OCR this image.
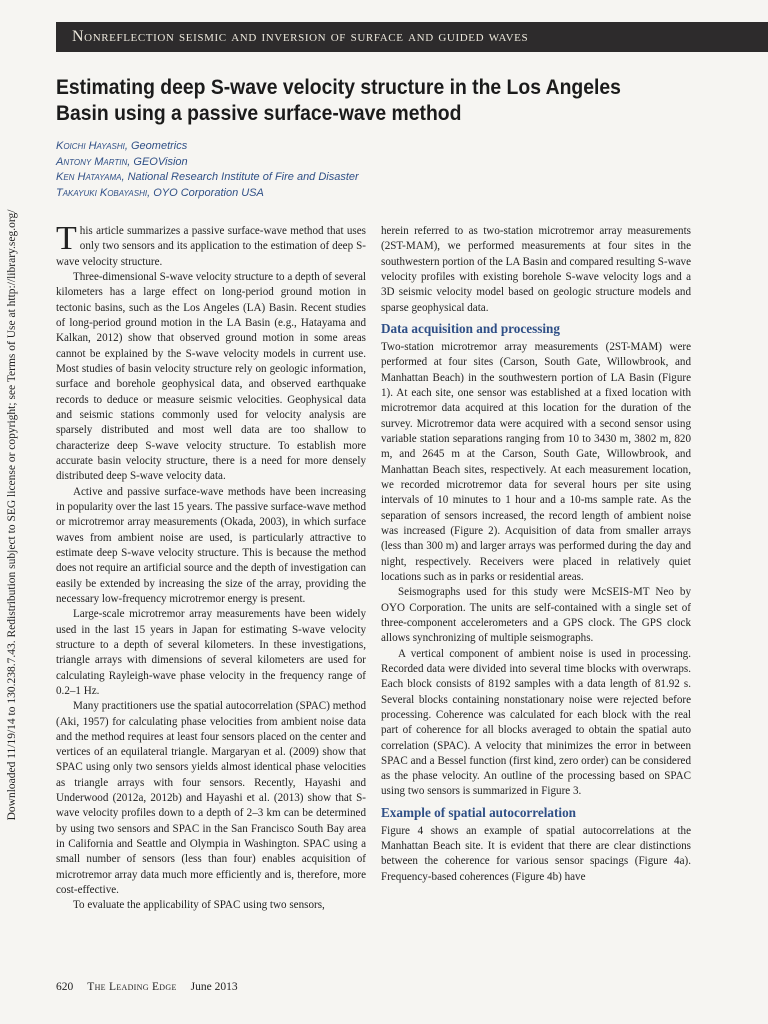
Nonreflection seismic and inversion of surface and guided waves
Estimating deep S-wave velocity structure in the Los Angeles Basin using a passive surface-wave method
Koichi Hayashi, Geometrics
Antony Martin, GEOVision
Ken Hatayama, National Research Institute of Fire and Disaster
Takayuki Kobayashi, OYO Corporation USA

This article summarizes a passive surface-wave method that uses only two sensors and its application to the estimation of deep S-wave velocity structure.

Three-dimensional S-wave velocity structure to a depth of several kilometers has a large effect on long-period ground motion in tectonic basins, such as the Los Angeles (LA) Basin. Recent studies of long-period ground motion in the LA Basin (e.g., Hatayama and Kalkan, 2012) show that observed ground motion in some areas cannot be explained by the S-wave velocity models in current use. Most studies of basin velocity structure rely on geologic information, surface and borehole geophysical data, and observed earthquake records to deduce or measure seismic velocities. Geophysical data and seismic stations commonly used for velocity analysis are sparsely distributed and most well data are too shallow to characterize deep S-wave velocity structure. To establish more accurate basin velocity structure, there is a need for more densely distributed deep S-wave velocity data.

Active and passive surface-wave methods have been increasing in popularity over the last 15 years. The passive surface-wave method or microtremor array measurements (Okada, 2003), in which surface waves from ambient noise are used, is particularly attractive to estimate deep S-wave velocity structure. This is because the method does not require an artificial source and the depth of investigation can easily be extended by increasing the size of the array, providing the necessary low-frequency microtremor energy is present.

Large-scale microtremor array measurements have been widely used in the last 15 years in Japan for estimating S-wave velocity structure to a depth of several kilometers. In these investigations, triangle arrays with dimensions of several kilometers are used for calculating Rayleigh-wave phase velocity in the frequency range of 0.2–1 Hz.

Many practitioners use the spatial autocorrelation (SPAC) method (Aki, 1957) for calculating phase velocities from ambient noise data and the method requires at least four sensors placed on the center and vertices of an equilateral triangle. Margaryan et al. (2009) show that SPAC using only two sensors yields almost identical phase velocities as triangle arrays with four sensors. Recently, Hayashi and Underwood (2012a, 2012b) and Hayashi et al. (2013) show that S-wave velocity profiles down to a depth of 2–3 km can be determined by using two sensors and SPAC in the San Francisco South Bay area in California and Seattle and Olympia in Washington. SPAC using a small number of sensors (less than four) enables acquisition of microtremor array data much more efficiently and is, therefore, more cost-effective.

To evaluate the applicability of SPAC using two sensors,

herein referred to as two-station microtremor array measurements (2ST-MAM), we performed measurements at four sites in the southwestern portion of the LA Basin and compared resulting S-wave velocity profiles with existing borehole S-wave velocity logs and a 3D seismic velocity model based on geologic structure models and sparse geophysical data.

Data acquisition and processing

Two-station microtremor array measurements (2ST-MAM) were performed at four sites (Carson, South Gate, Willowbrook, and Manhattan Beach) in the southwestern portion of LA Basin (Figure 1). At each site, one sensor was established at a fixed location with microtremor data acquired at this location for the duration of the survey. Microtremor data were acquired with a second sensor using variable station separations ranging from 10 to 3430 m, 3802 m, 820 m, and 2645 m at the Carson, South Gate, Willowbrook, and Manhattan Beach sites, respectively. At each measurement location, we recorded microtremor data for several hours per site using intervals of 10 minutes to 1 hour and a 10-ms sample rate. As the separation of sensors increased, the record length of ambient noise was increased (Figure 2). Acquisition of data from smaller arrays (less than 300 m) and larger arrays was performed during the day and night, respectively. Receivers were placed in relatively quiet locations such as in parks or residential areas.

Seismographs used for this study were McSEIS-MT Neo by OYO Corporation. The units are self-contained with a single set of three-component accelerometers and a GPS clock. The GPS clock allows synchronizing of multiple seismographs.

A vertical component of ambient noise is used in processing. Recorded data were divided into several time blocks with overwraps. Each block consists of 8192 samples with a data length of 81.92 s. Several blocks containing nonstationary noise were rejected before processing. Coherence was calculated for each block with the real part of coherence for all blocks averaged to obtain the spatial auto correlation (SPAC). A velocity that minimizes the error in between SPAC and a Bessel function (first kind, zero order) can be considered as the phase velocity. An outline of the processing based on SPAC using two sensors is summarized in Figure 3.

Example of spatial autocorrelation

Figure 4 shows an example of spatial autocorrelations at the Manhattan Beach site. It is evident that there are clear distinctions between the coherence for various sensor spacings (Figure 4a). Frequency-based coherences (Figure 4b) have

Downloaded 11/19/14 to 130.238.7.43. Redistribution subject to SEG license or copyright; see Terms of Use at http://library.seg.org/
620 The Leading Edge June 2013
